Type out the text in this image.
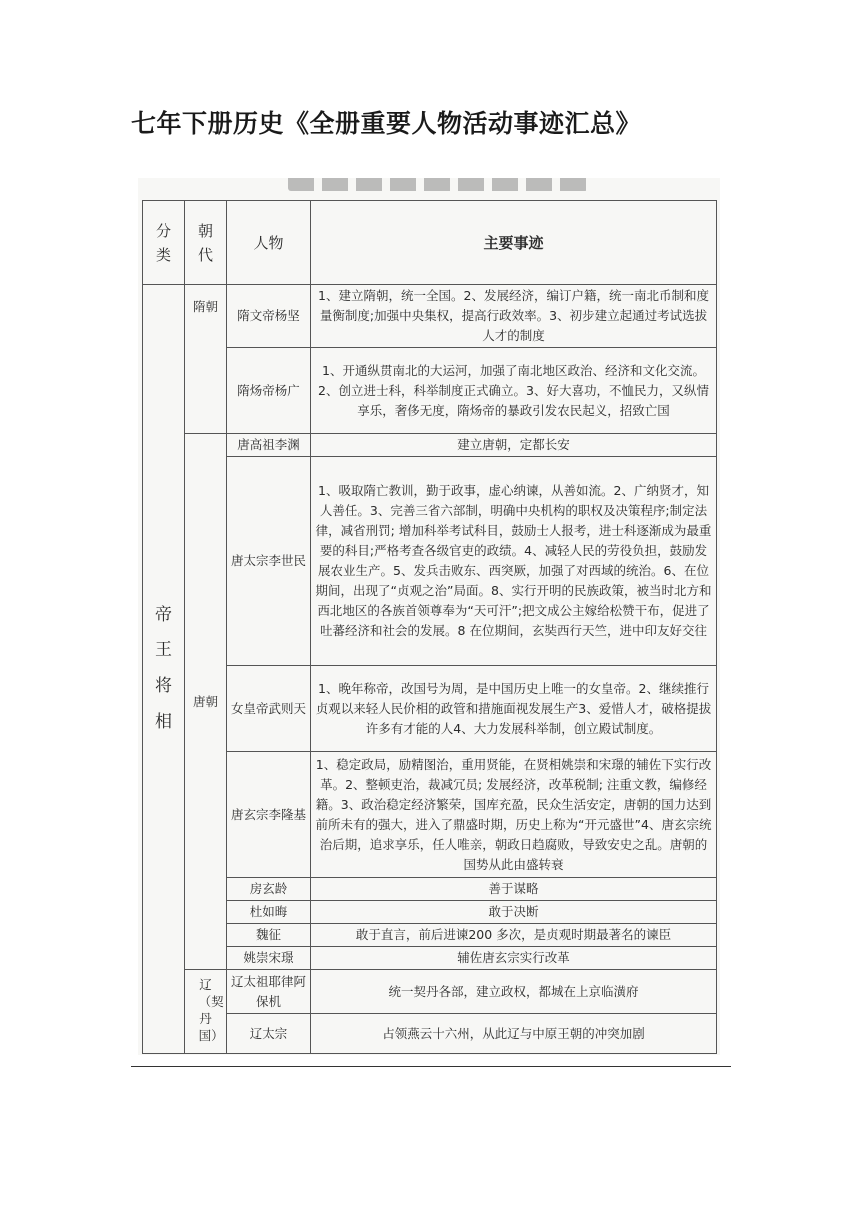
七年下册历史《全册重要人物活动事迹汇总》
分类	朝代	人物	主要事迹
帝王将相	隋朝	隋文帝杨坚	1、建立隋朝，统一全国。2、发展经济，编订户籍，统一南北币制和度量衡制度;加强中央集权，提高行政效率。3、初步建立起通过考试选拔人才的制度
		隋炀帝杨广	1、开通纵贯南北的大运河，加强了南北地区政治、经济和文化交流。2、创立进士科，科举制度正式确立。3、好大喜功，不恤民力，又纵情享乐，奢侈无度，隋炀帝的暴政引发农民起义，招致亡国
	唐朝	唐高祖李渊	建立唐朝，定都长安
		唐太宗李世民	1、吸取隋亡教训，勤于政事，虚心纳谏，从善如流。2、广纳贤才，知人善任。3、完善三省六部制，明确中央机构的职权及决策程序;制定法律，减省刑罚; 增加科举考试科目，鼓励士人报考，进士科逐渐成为最重要的科目;严格考查各级官吏的政绩。4、减轻人民的劳役负担，鼓励发展农业生产。5、发兵击败东、西突厥，加强了对西域的统治。6、在位期间，出现了“贞观之治”局面。8、实行开明的民族政策，被当时北方和西北地区的各族首领尊奉为“天可汗”;把文成公主嫁给松赞干布，促进了吐蕃经济和社会的发展。8 在位期间，玄奘西行天竺，进中印友好交往
		女皇帝武则天	1、晚年称帝，改国号为周，是中国历史上唯一的女皇帝。2、继续推行贞观以来轻人民价相的政管和措施面视发展生产3、爱惜人才，破格提拔许多有才能的人4、大力发展科举制，创立殿试制度。
		唐玄宗李隆基	1、稳定政局，励精图治，重用贤能，在贤相姚崇和宋璟的辅佐下实行改革。2、整顿吏治，裁减冗员; 发展经济，改革税制; 注重文教，编修经籍。3、政治稳定经济繁荣，国库充盈，民众生活安定，唐朝的国力达到前所未有的强大，进入了鼎盛时期，历史上称为“开元盛世”4、唐玄宗统治后期，追求享乐，任人唯亲，朝政日趋腐败，导致安史之乱。唐朝的国势从此由盛转衰
		房玄龄	善于谋略
		杜如晦	敢于决断
		魏征	敢于直言，前后进谏200 多次，是贞观时期最著名的谏臣
		姚崇宋璟	辅佐唐玄宗实行改革
	辽（契丹国）	辽太祖耶律阿保机	统一契丹各部，建立政权，都城在上京临潢府
		辽太宗	占领燕云十六州，从此辽与中原王朝的冲突加剧
